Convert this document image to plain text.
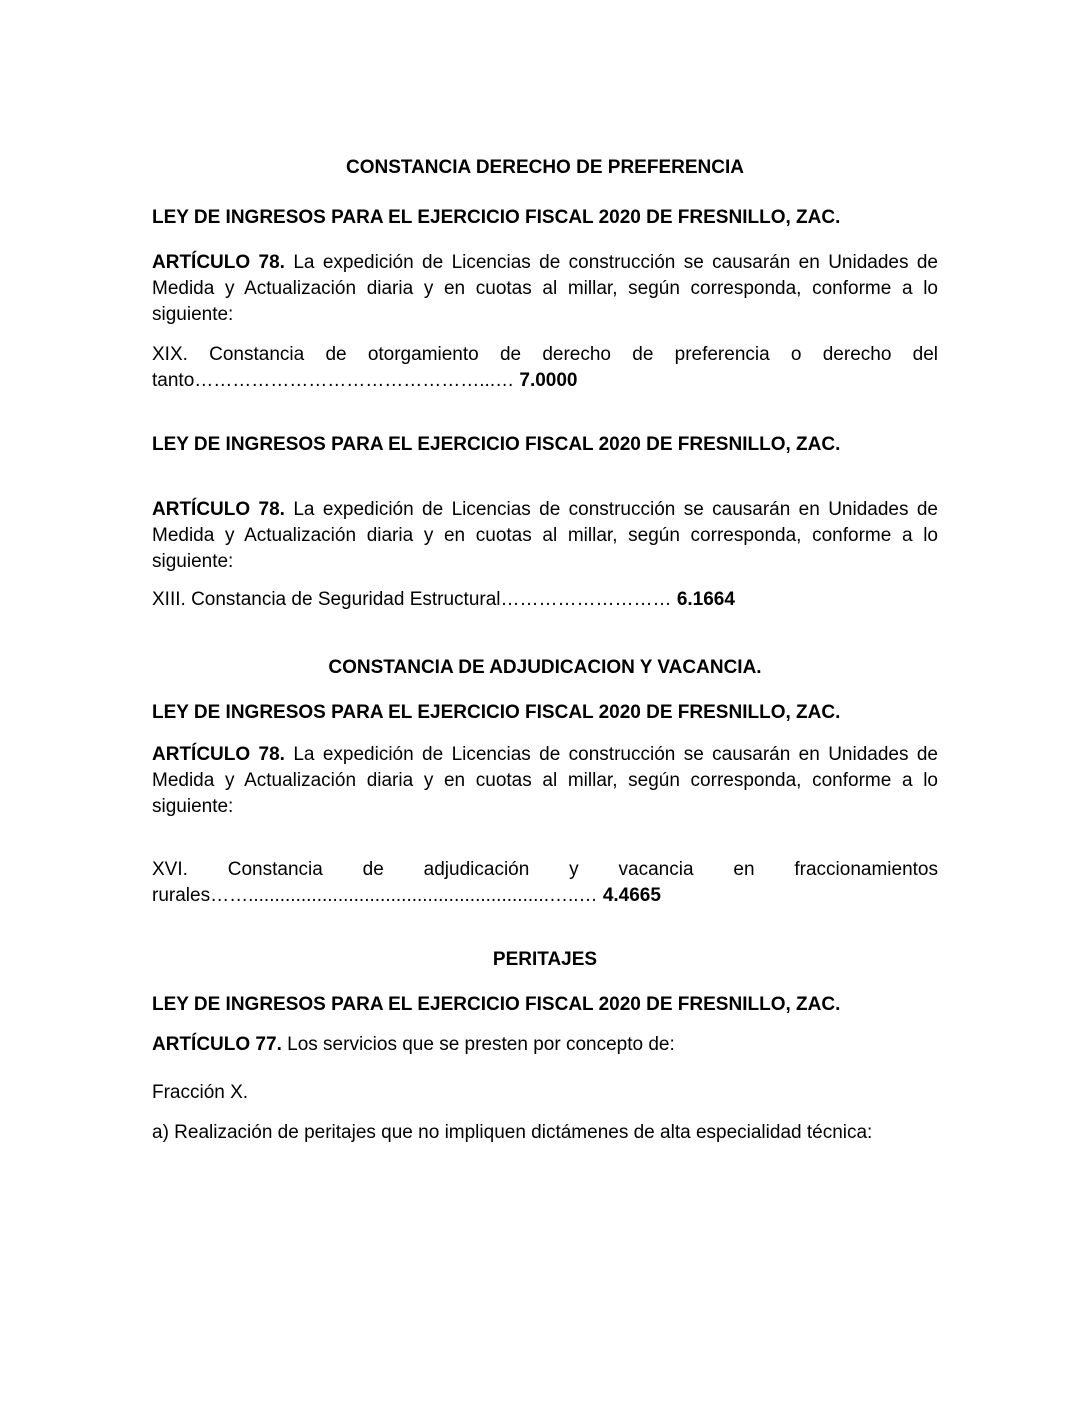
CONSTANCIA DERECHO DE PREFERENCIA
LEY DE INGRESOS PARA EL EJERCICIO FISCAL 2020 DE FRESNILLO, ZAC.
ARTÍCULO 78. La expedición de Licencias de construcción se causarán en Unidades de
Medida y Actualización diaria y en cuotas al millar, según corresponda, conforme a lo
siguiente:
XIX. Constancia de otorgamiento de derecho de preferencia o derecho del
tanto………………………………………...… 7.0000
LEY DE INGRESOS PARA EL EJERCICIO FISCAL 2020 DE FRESNILLO, ZAC.
ARTÍCULO 78. La expedición de Licencias de construcción se causarán en Unidades de
Medida y Actualización diaria y en cuotas al millar, según corresponda, conforme a lo
siguiente:
XIII. Constancia de Seguridad Estructural……………………… 6.1664
CONSTANCIA DE ADJUDICACION Y VACANCIA.
LEY DE INGRESOS PARA EL EJERCICIO FISCAL 2020 DE FRESNILLO, ZAC.
ARTÍCULO 78. La expedición de Licencias de construcción se causarán en Unidades de
Medida y Actualización diaria y en cuotas al millar, según corresponda, conforme a lo
siguiente:
XVI. Constancia de adjudicación y vacancia en fraccionamientos
rurales…….........................................................…..… 4.4665
PERITAJES
LEY DE INGRESOS PARA EL EJERCICIO FISCAL 2020 DE FRESNILLO, ZAC.
ARTÍCULO 77. Los servicios que se presten por concepto de:
Fracción X.
a) Realización de peritajes que no impliquen dictámenes de alta especialidad técnica:
